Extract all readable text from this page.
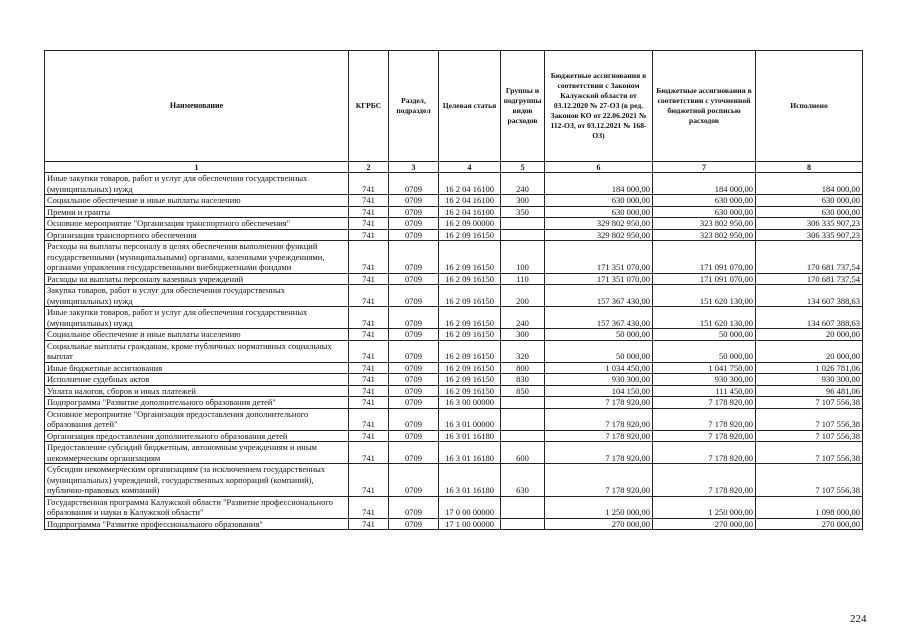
Наименование	КГРБС	Раздел, подраздел	Целевая статья	Группы и подгруппы видов расходов	Бюджетные ассигнования в соответствии с Законом Калужской области от 03.12.2020 № 27-ОЗ (в ред. Законов КО от 22.06.2021 № 112-ОЗ, от 03.12.2021 № 168-ОЗ)	Бюджетные ассигнования в соответствии с уточненной бюджетной росписью расходов	Исполнено
1	2	3	4	5	6	7	8
Иные закупки товаров, работ и услуг для обеспечения государственных (муниципальных) нужд	741	0709	16 2 04 16100	240	184 000,00	184 000,00	184 000,00
Социальное обеспечение и иные выплаты населению	741	0709	16 2 04 16100	300	630 000,00	630 000,00	630 000,00
Премии и гранты	741	0709	16 2 04 16100	350	630 000,00	630 000,00	630 000,00
Основное мероприятие "Организация транспортного обеспечения"	741	0709	16 2 09 00000		329 802 950,00	323 802 950,00	306 335 907,23
Организация транспортного обеспечения	741	0709	16 2 09 16150		329 802 950,00	323 802 950,00	306 335 907,23
Расходы на выплаты персоналу в целях обеспечения выполнения функций государственными (муниципальными) органами, казенными учреждениями, органами управления государственными внебюджетными фондами	741	0709	16 2 09 16150	100	171 351 070,00	171 091 070,00	170 681 737,54
Расходы на выплаты персоналу казенных учреждений	741	0709	16 2 09 16150	110	171 351 070,00	171 091 070,00	170 681 737,54
Закупка товаров, работ и услуг для обеспечения государственных (муниципальных) нужд	741	0709	16 2 09 16150	200	157 367 430,00	151 620 130,00	134 607 388,63
Иные закупки товаров, работ и услуг для обеспечения государственных (муниципальных) нужд	741	0709	16 2 09 16150	240	157 367 430,00	151 620 130,00	134 607 388,63
Социальное обеспечение и иные выплаты населению	741	0709	16 2 09 16150	300	50 000,00	50 000,00	20 000,00
Социальные выплаты гражданам, кроме публичных нормативных социальных выплат	741	0709	16 2 09 16150	320	50 000,00	50 000,00	20 000,00
Иные бюджетные ассигнования	741	0709	16 2 09 16150	800	1 034 450,00	1 041 750,00	1 026 781,06
Исполнение судебных актов	741	0709	16 2 09 16150	830	930 300,00	930 300,00	930 300,00
Уплата налогов, сборов и иных платежей	741	0709	16 2 09 16150	850	104 150,00	111 450,00	96 481,06
Подпрограмма "Развитие дополнительного образования детей"	741	0709	16 3 00 00000		7 178 920,00	7 178 920,00	7 107 556,38
Основное мероприятие "Организация предоставления дополнительного образования детей"	741	0709	16 3 01 00000		7 178 920,00	7 178 920,00	7 107 556,38
Организация предоставления дополнительного образования детей	741	0709	16 3 01 16180		7 178 920,00	7 178 920,00	7 107 556,38
Предоставление субсидий бюджетным, автономным учреждениям и иным некоммерческим организациям	741	0709	16 3 01 16180	600	7 178 920,00	7 178 920,00	7 107 556,38
Субсидии некоммерческим организациям (за исключением государственных (муниципальных) учреждений, государственных корпораций (компаний), публично-правовых компаний)	741	0709	16 3 01 16180	630	7 178 920,00	7 178 920,00	7 107 556,38
Государственная программа Калужской области "Развитие профессионального образования и науки в Калужской области"	741	0709	17 0 00 00000		1 250 000,00	1 250 000,00	1 098 000,00
Подпрограмма "Развитие профессионального образования"	741	0709	17 1 00 00000		270 000,00	270 000,00	270 000,00
224
